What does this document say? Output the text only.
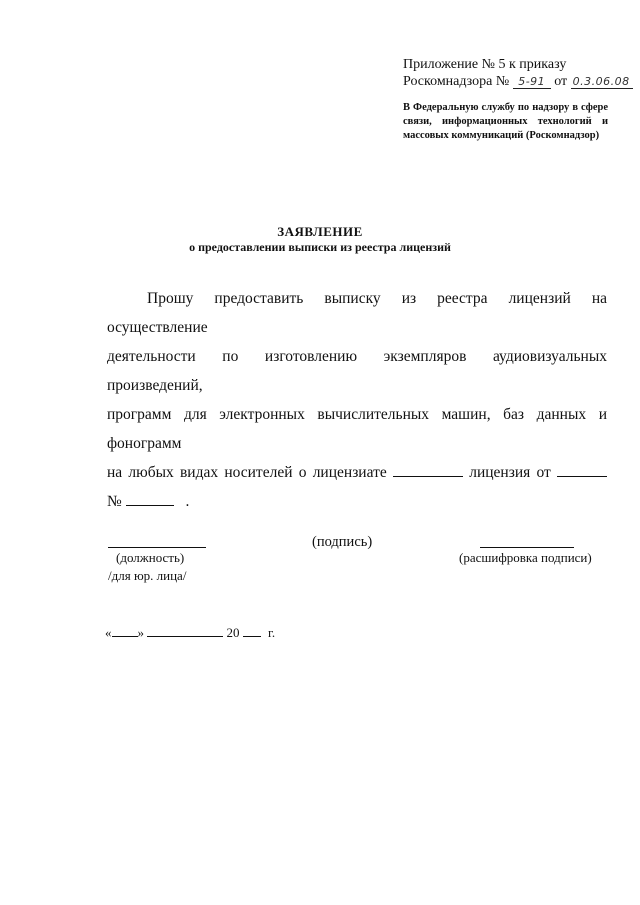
Приложение № 5 к приказу
Роскомнадзора № 5-91 от 0.3.06.08
В Федеральную службу по надзору в сфере связи, информационных технологий и массовых коммуникаций (Роскомнадзор)
ЗАЯВЛЕНИЕ
о предоставлении выписки из реестра лицензий
Прошу предоставить выписку из реестра лицензий на осуществление
деятельности по изготовлению экземпляров аудиовизуальных произведений,
программ для электронных вычислительных машин, баз данных и фонограмм
на любых видах носителей о лицензиате	лицензия от
№	.
(должность)
/для юр. лица/
(подпись)
(расшифровка подписи)
« »	20 г.
